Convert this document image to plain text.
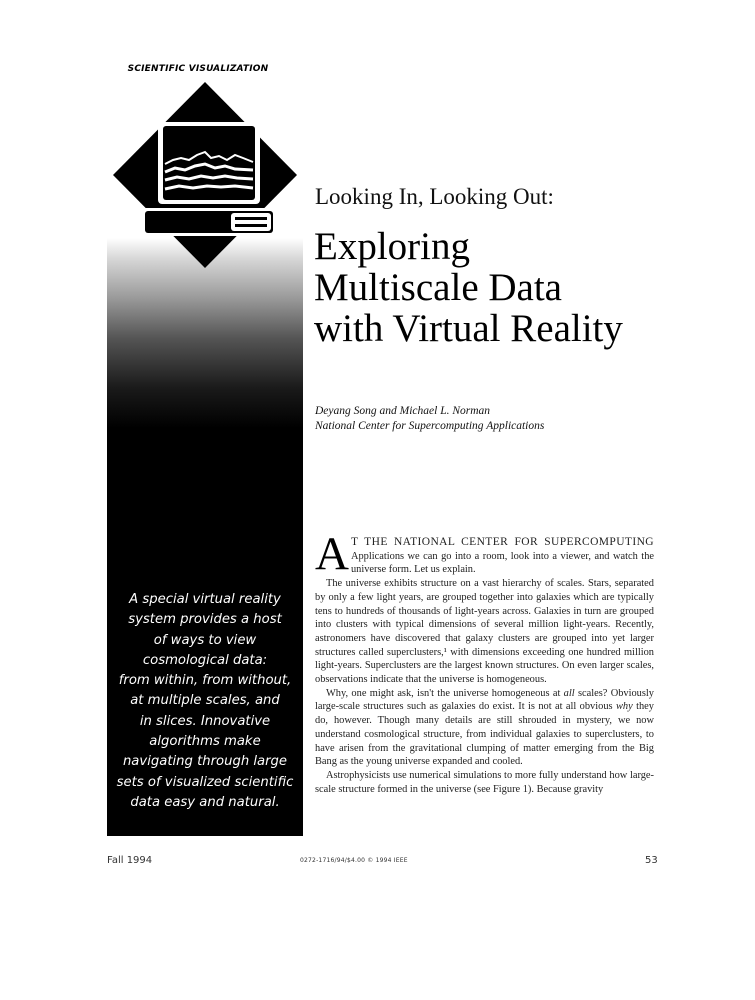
SCIENTIFIC VISUALIZATION
A special virtual reality
system provides a host
of ways to view
cosmological data:
from within, from without,
at multiple scales, and
in slices. Innovative
algorithms make
navigating through large
sets of visualized scientific
data easy and natural.
Looking In, Looking Out:
Exploring
Multiscale Data
with Virtual Reality
Deyang Song and Michael L. Norman
National Center for Supercomputing Applications

AT THE NATIONAL CENTER FOR SUPERCOMPUTING Applications we can go into a room, look into a viewer, and watch the universe form. Let us explain.

The universe exhibits structure on a vast hierarchy of scales. Stars, separated by only a few light years, are grouped together into galaxies which are typically tens to hundreds of thousands of light-years across. Galaxies in turn are grouped into clusters with typical dimensions of several million light-years. Recently, astronomers have discovered that galaxy clusters are grouped into yet larger structures called superclusters,¹ with dimensions exceeding one hundred million light-years. Superclusters are the largest known structures. On even larger scales, observations indicate that the universe is homogeneous.

Why, one might ask, isn't the universe homogeneous at all scales? Obviously large-scale structures such as galaxies do exist. It is not at all obvious why they do, however. Though many details are still shrouded in mystery, we now understand cosmological structure, from individual galaxies to superclusters, to have arisen from the gravitational clumping of matter emerging from the Big Bang as the young universe expanded and cooled.

Astrophysicists use numerical simulations to more fully understand how large-scale structure formed in the universe (see Figure 1). Because gravity

Fall 1994	0272-1716/94/$4.00 © 1994 IEEE	53
